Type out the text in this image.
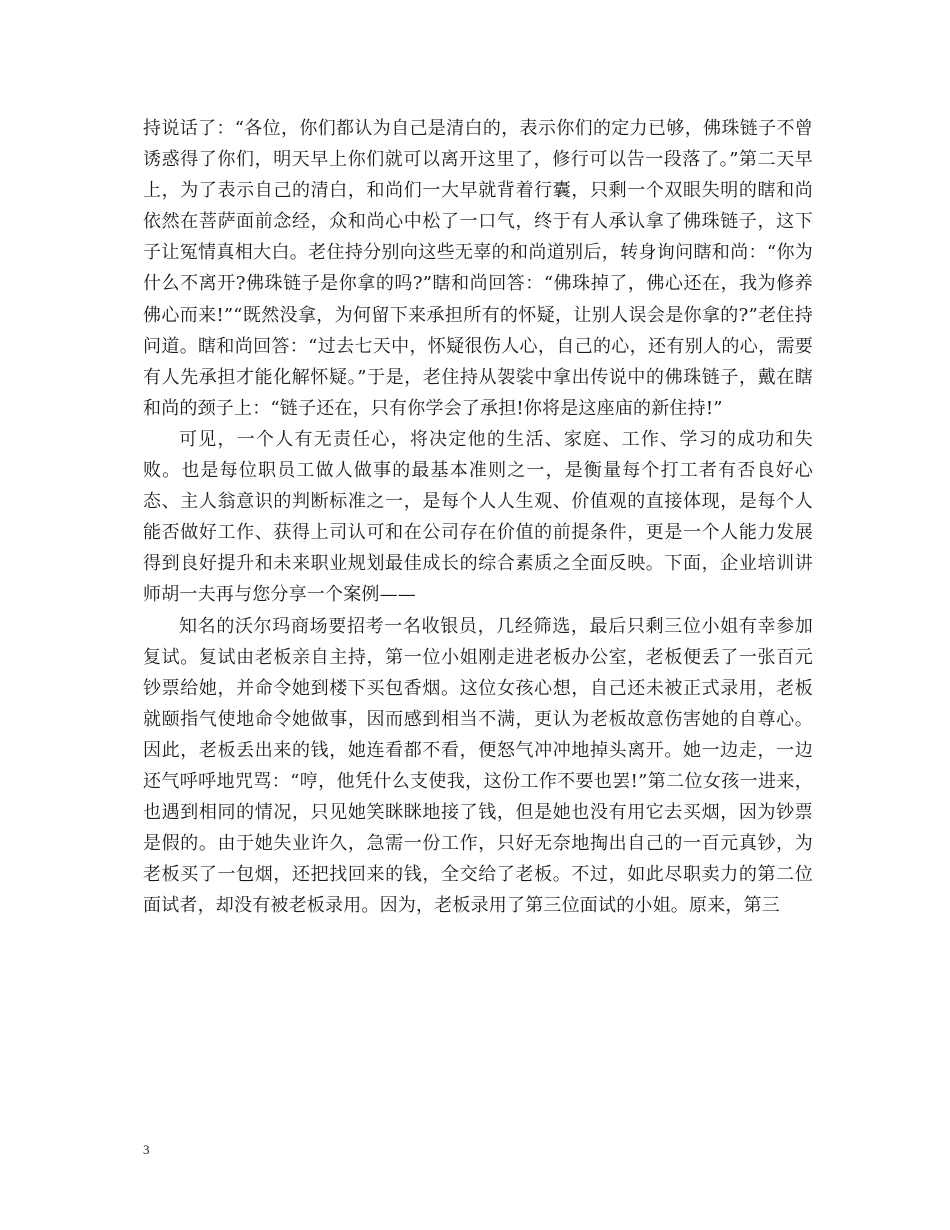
持说话了：“各位，你们都认为自己是清白的，表示你们的定力已够，佛珠链子不曾诱惑得了你们，明天早上你们就可以离开这里了，修行可以告一段落了。”第二天早上，为了表示自己的清白，和尚们一大早就背着行囊，只剩一个双眼失明的瞎和尚依然在菩萨面前念经，众和尚心中松了一口气，终于有人承认拿了佛珠链子，这下子让冤情真相大白。老住持分别向这些无辜的和尚道别后，转身询问瞎和尚：“你为什么不离开?佛珠链子是你拿的吗?”瞎和尚回答：“佛珠掉了，佛心还在，我为修养佛心而来!”“既然没拿，为何留下来承担所有的怀疑，让别人误会是你拿的?”老住持问道。瞎和尚回答：“过去七天中，怀疑很伤人心，自己的心，还有别人的心，需要有人先承担才能化解怀疑。”于是，老住持从袈裟中拿出传说中的佛珠链子，戴在瞎和尚的颈子上：“链子还在，只有你学会了承担!你将是这座庙的新住持!”

可见，一个人有无责任心，将决定他的生活、家庭、工作、学习的成功和失败。也是每位职员工做人做事的最基本准则之一，是衡量每个打工者有否良好心态、主人翁意识的判断标准之一，是每个人人生观、价值观的直接体现，是每个人能否做好工作、获得上司认可和在公司存在价值的前提条件，更是一个人能力发展得到良好提升和未来职业规划最佳成长的综合素质之全面反映。下面，企业培训讲师胡一夫再与您分享一个案例——

知名的沃尔玛商场要招考一名收银员，几经筛选，最后只剩三位小姐有幸参加复试。复试由老板亲自主持，第一位小姐刚走进老板办公室，老板便丢了一张百元钞票给她，并命令她到楼下买包香烟。这位女孩心想，自己还未被正式录用，老板就颐指气使地命令她做事，因而感到相当不满，更认为老板故意伤害她的自尊心。因此，老板丢出来的钱，她连看都不看，便怒气冲冲地掉头离开。她一边走，一边还气呼呼地咒骂：“哼，他凭什么支使我，这份工作不要也罢!”第二位女孩一进来，也遇到相同的情况，只见她笑眯眯地接了钱，但是她也没有用它去买烟，因为钞票是假的。由于她失业许久，急需一份工作，只好无奈地掏出自己的一百元真钞，为老板买了一包烟，还把找回来的钱，全交给了老板。不过，如此尽职卖力的第二位面试者，却没有被老板录用。因为，老板录用了第三位面试的小姐。原来，第三

3
